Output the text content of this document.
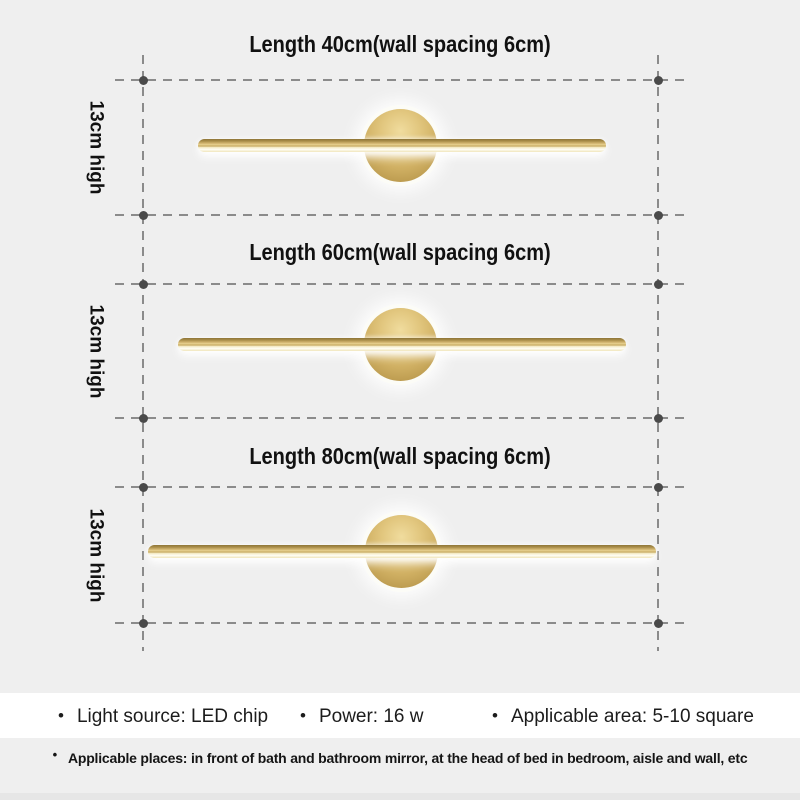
Length 40cm(wall spacing 6cm)
13cm high
Length 60cm(wall spacing 6cm)
13cm high
Length 80cm(wall spacing 6cm)
13cm high
• Light source: LED chip • Power: 16 w	• Applicable area: 5-10 square
• Applicable places: in front of bath and bathroom mirror, at the head of bed in bedroom, aisle and wall, etc
